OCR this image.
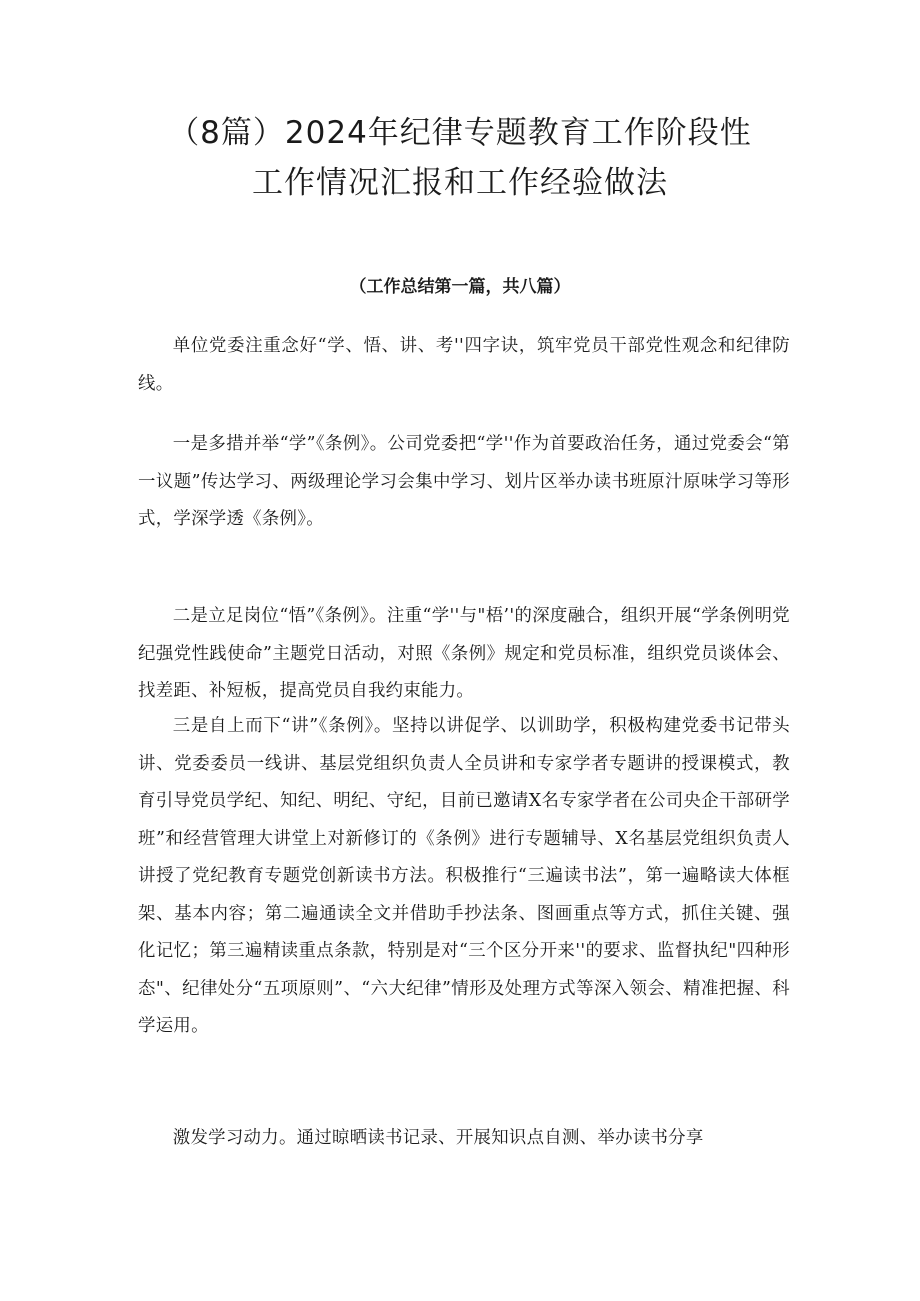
（8篇）2024年纪律专题教育工作阶段性
工作情况汇报和工作经验做法
（工作总结第一篇，共八篇）

单位党委注重念好“学、悟、讲、考''四字诀，筑牢党员干部党性观念和纪律防线。

一是多措并举“学”《条例》。公司党委把“学''作为首要政治任务，通过党委会“第一议题”传达学习、两级理论学习会集中学习、划片区举办读书班原汁原味学习等形式，学深学透《条例》。

二是立足岗位“悟”《条例》。注重“学''与"梧’'的深度融合，组织开展“学条例明党纪强党性践使命”主题党日活动，对照《条例》规定和党员标准，组织党员谈体会、找差距、补短板，提高党员自我约束能力。

三是自上而下“讲”《条例》。坚持以讲促学、以训助学，积极构建党委书记带头讲、党委委员一线讲、基层党组织负责人全员讲和专家学者专题讲的授课模式，教育引导党员学纪、知纪、明纪、守纪，目前已邀请X名专家学者在公司央企干部研学班”和经营管理大讲堂上对新修订的《条例》进行专题辅导、X名基层党组织负责人讲授了党纪教育专题党创新读书方法。积极推行“三遍读书法”，第一遍略读大体框架、基本内容；第二遍通读全文并借助手抄法条、图画重点等方式，抓住关键、强化记忆；第三遍精读重点条款，特别是对“三个区分开来''的要求、监督执纪"四种形态"、纪律处分“五项原则”、“六大纪律”情形及处理方式等深入领会、精准把握、科学运用。

激发学习动力。通过晾晒读书记录、开展知识点自测、举办读书分享
